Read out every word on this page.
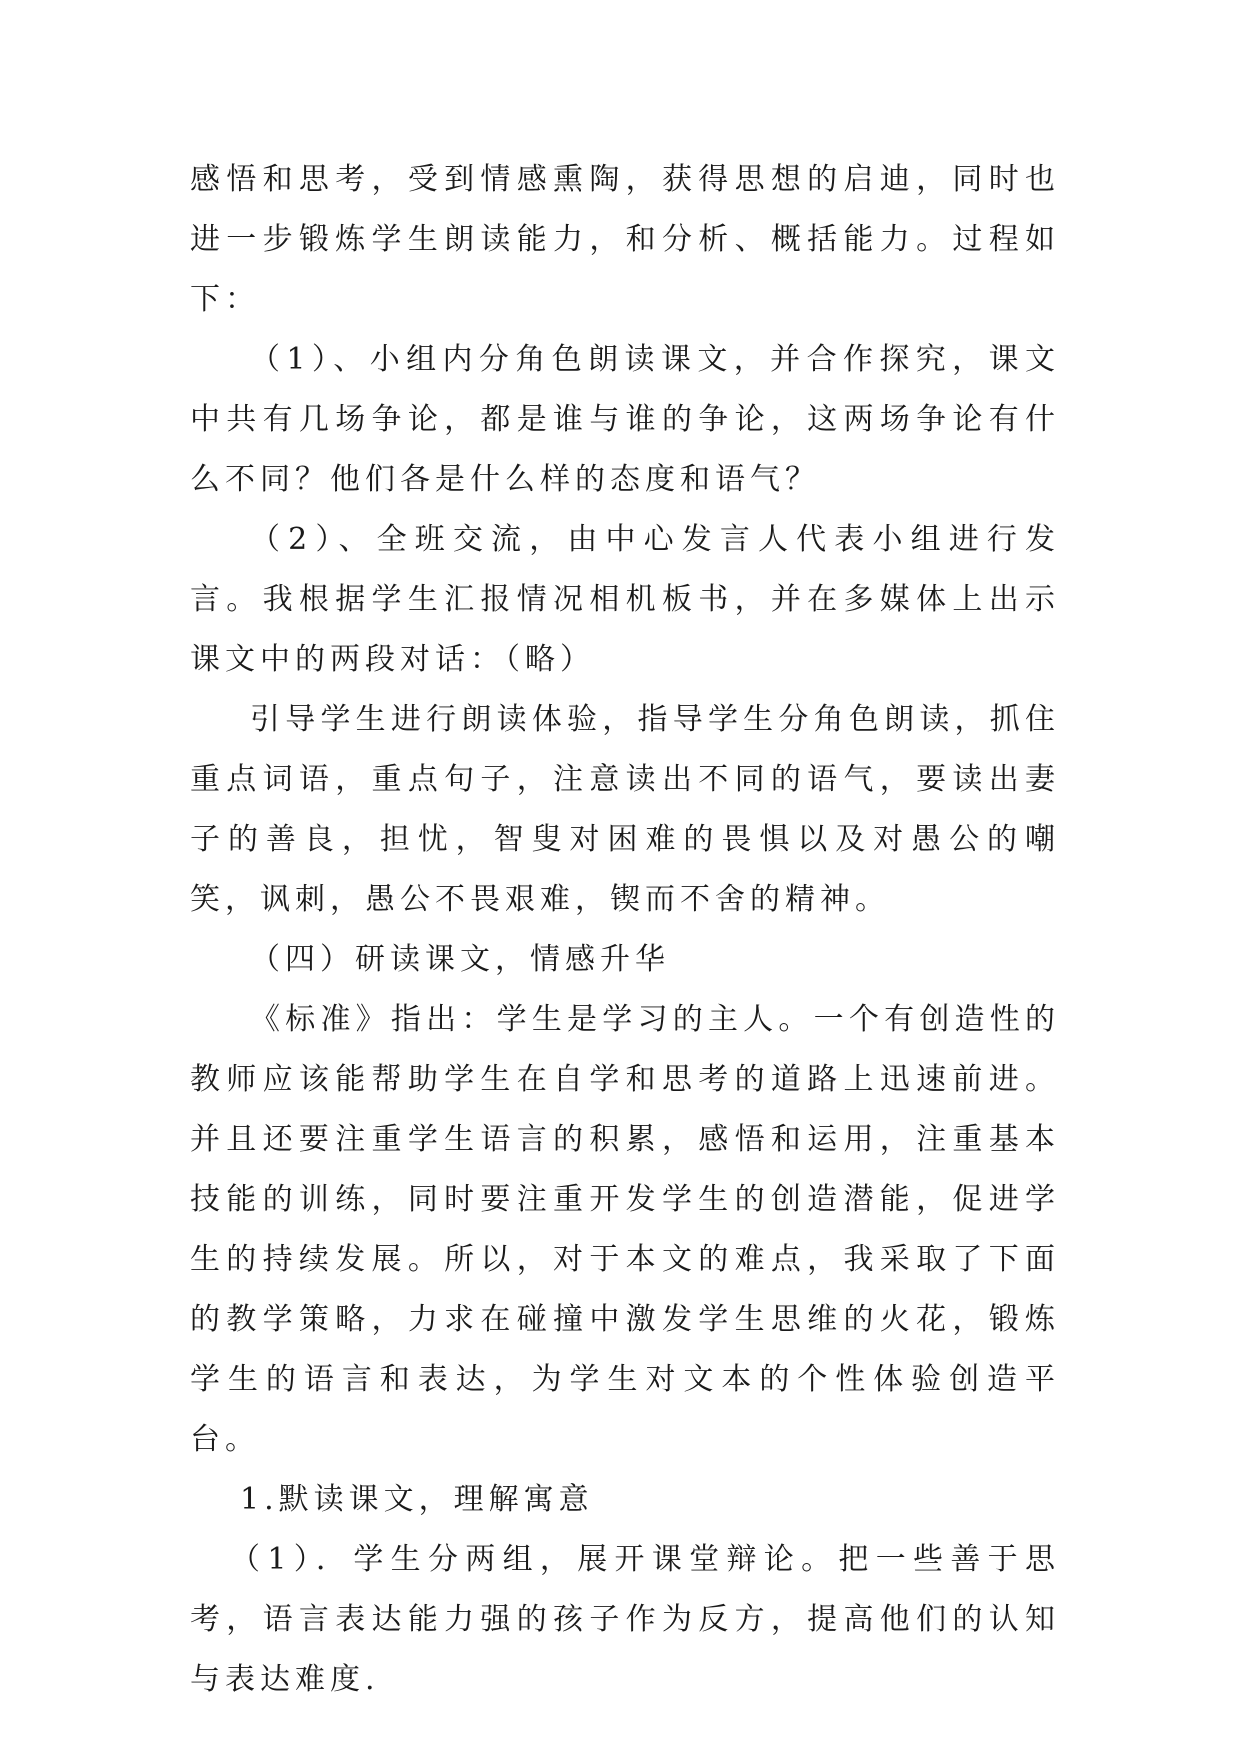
感悟和思考，受到情感熏陶，获得思想的启迪，同时也进一步锻炼学生朗读能力，和分析、概括能力。过程如下：

（1）、小组内分角色朗读课文，并合作探究，课文中共有几场争论，都是谁与谁的争论，这两场争论有什么不同？他们各是什么样的态度和语气？

（2）、全班交流，由中心发言人代表小组进行发言。我根据学生汇报情况相机板书，并在多媒体上出示课文中的两段对话：（略）

引导学生进行朗读体验，指导学生分角色朗读，抓住重点词语，重点句子，注意读出不同的语气，要读出妻子的善良，担忧，智叟对困难的畏惧以及对愚公的嘲笑，讽刺，愚公不畏艰难，锲而不舍的精神。

（四）研读课文，情感升华

《标准》指出：学生是学习的主人。一个有创造性的教师应该能帮助学生在自学和思考的道路上迅速前进。并且还要注重学生语言的积累，感悟和运用，注重基本技能的训练，同时要注重开发学生的创造潜能，促进学生的持续发展。所以，对于本文的难点，我采取了下面的教学策略，力求在碰撞中激发学生思维的火花，锻炼学生的语言和表达，为学生对文本的个性体验创造平台。

1.默读课文，理解寓意

（1）．学生分两组，展开课堂辩论。把一些善于思考，语言表达能力强的孩子作为反方，提高他们的认知与表达难度.
